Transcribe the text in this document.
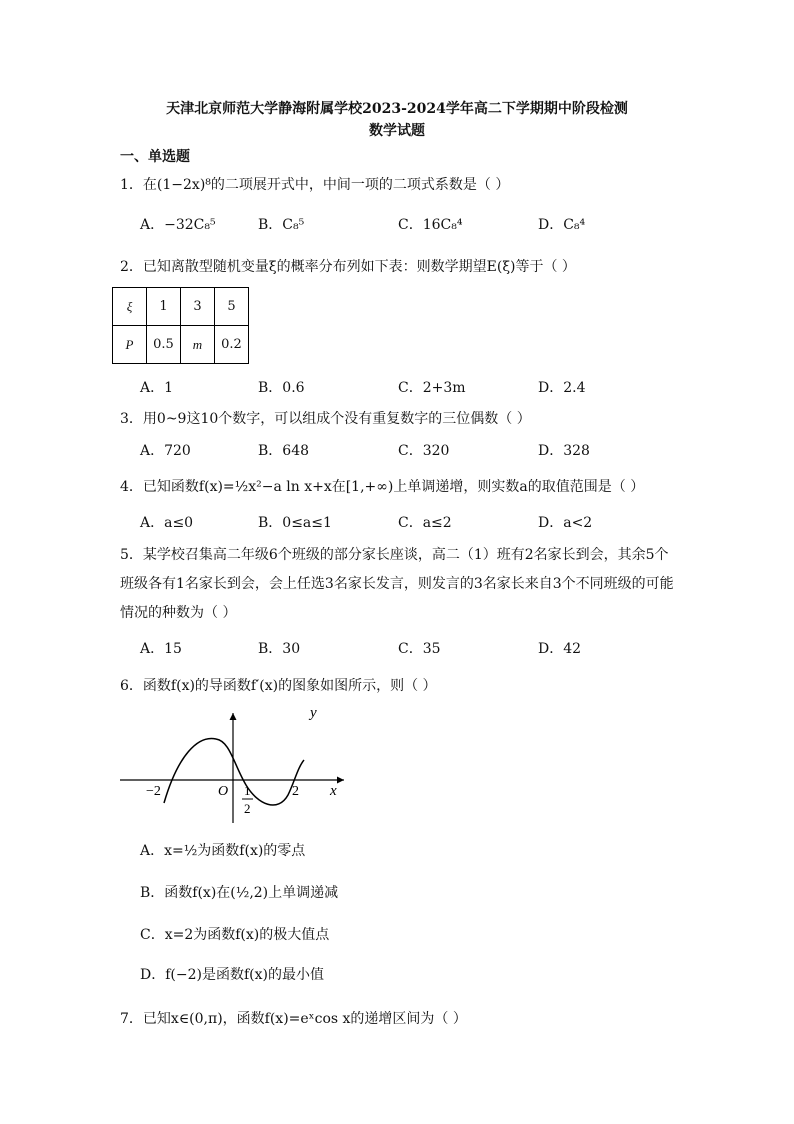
天津北京师范大学静海附属学校2023-2024学年高二下学期期中阶段检测
数学试题
一、单选题
1．在(1−2x)⁸的二项展开式中，中间一项的二项式系数是（ ）
A．−32C₈⁵	B．C₈⁵	C．16C₈⁴	D．C₈⁴
2．已知离散型随机变量ξ的概率分布列如下表：则数学期望E(ξ)等于（ ）
ξ	1	3	5
P	0.5	m	0.2
A．1	B．0.6	C．2+3m	D．2.4
3．用0~9这10个数字，可以组成个没有重复数字的三位偶数（ ）
A．720	B．648	C．320	D．328
4．已知函数f(x)=½x²−a ln x+x在[1,+∞)上单调递增，则实数a的取值范围是（ ）
A．a≤0	B．0≤a≤1	C．a≤2	D．a<2
5．某学校召集高二年级6个班级的部分家长座谈，高二（1）班有2名家长到会，其余5个班级各有1名家长到会，会上任选3名家长发言，则发言的3名家长来自3个不同班级的可能情况的种数为（ ）
A．15	B．30	C．35	D．42
6．函数f(x)的导函数f′(x)的图象如图所示，则（ ）
y
x
O
−2	2
1
2
A．x=½为函数f(x)的零点
B．函数f(x)在(½,2)上单调递减
C．x=2为函数f(x)的极大值点
D．f(−2)是函数f(x)的最小值
7．已知x∈(0,π)，函数f(x)=eˣcos x的递增区间为（ ）
